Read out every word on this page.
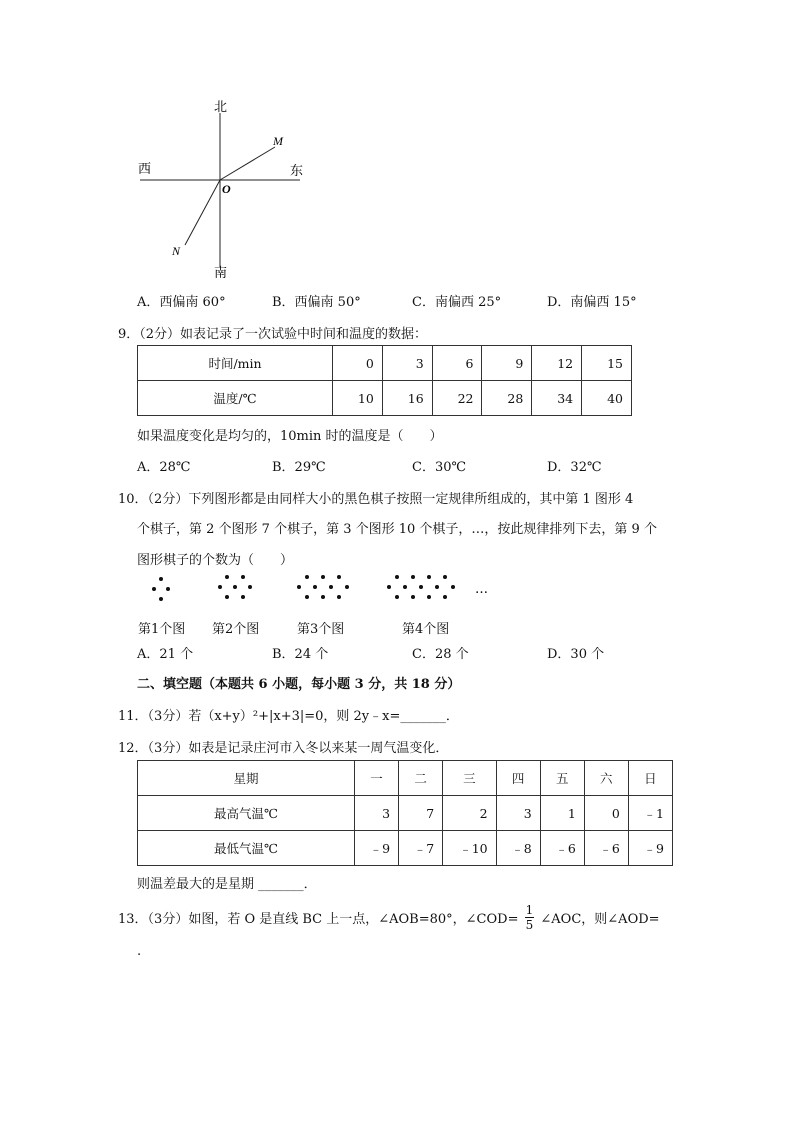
北
南
西	东
O
M
N
A．西偏南 60°	B．西偏南 50°	C．南偏西 25°	D．南偏西 15°
9．（2分）如表记录了一次试验中时间和温度的数据：
时间/min	0	3	6	9	12	15
温度/℃	10	16	22	28	34	40
如果温度变化是均匀的，10min 时的温度是（　　）
A．28℃	B．29℃	C．30℃	D．32℃
10．（2分）下列图形都是由同样大小的黑色棋子按照一定规律所组成的，其中第 1 图形 4
个棋子，第 2 个图形 7 个棋子，第 3 个图形 10 个棋子，…，按此规律排列下去，第 9 个
图形棋子的个数为（　　）
…
第1个图 第2个图	第3个图	第4个图
A．21 个	B．24 个	C．28 个	D．30 个
二、填空题（本题共 6 小题，每小题 3 分，共 18 分）
11．（3分）若（x+y）²+|x+3|=0，则 2y﹣x=_______．
12．（3分）如表是记录庄河市入冬以来某一周气温变化．
星期	一	二	三	四	五	六	日
最高气温℃	3	7	2	3	1	0	﹣1
最低气温℃	﹣9	﹣7	﹣10	﹣8	﹣6	﹣6	﹣9
则温差最大的是星期 _______．
13．（3分）如图，若 O 是直线 BC 上一点，∠AOB=80°，∠COD= $\frac{1}{5}$ ∠AOC，则∠AOD=
.
